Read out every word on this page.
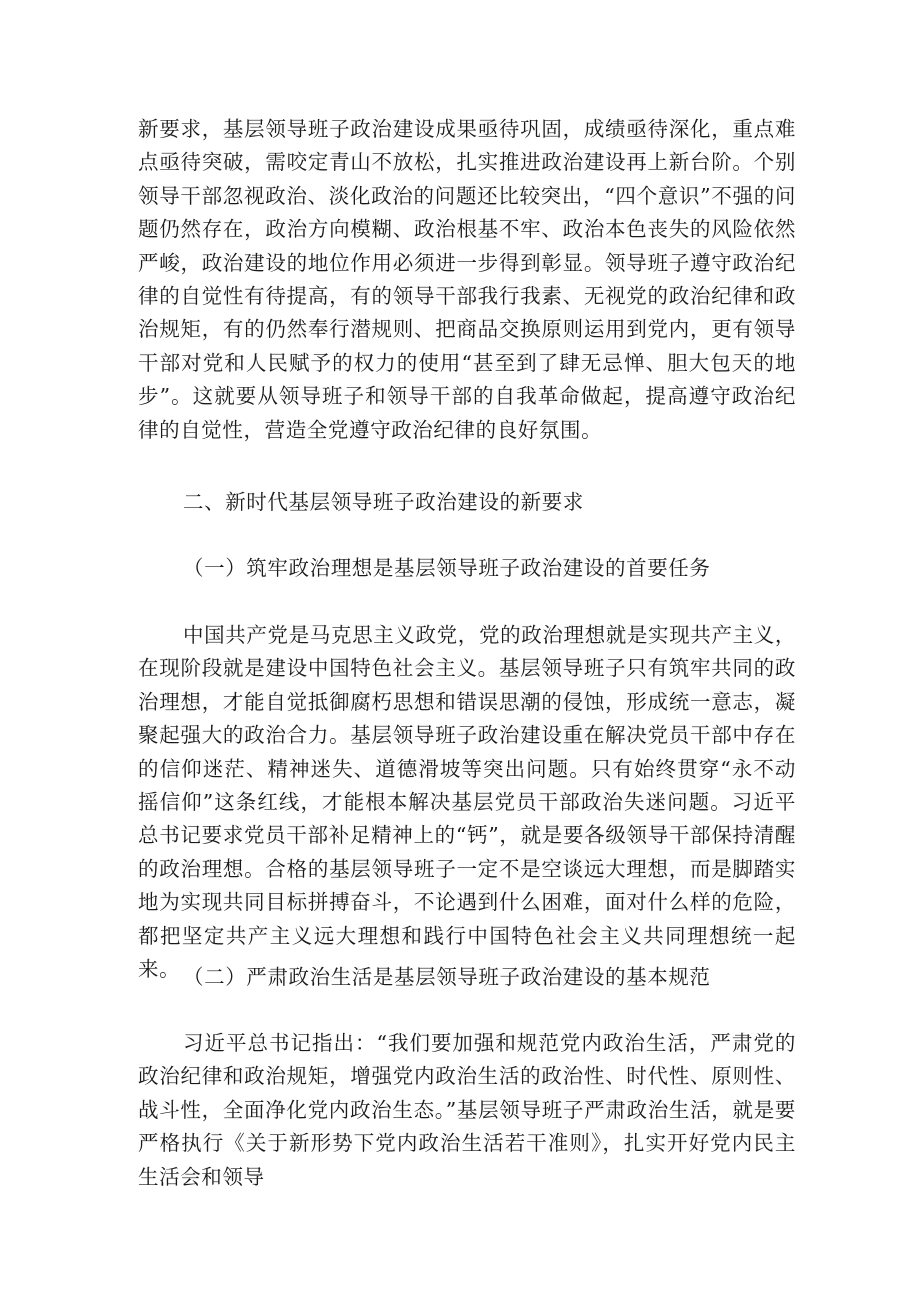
新要求，基层领导班子政治建设成果亟待巩固，成绩亟待深化，重点难点亟待突破，需咬定青山不放松，扎实推进政治建设再上新台阶。个别领导干部忽视政治、淡化政治的问题还比较突出，“四个意识”不强的问题仍然存在，政治方向模糊、政治根基不牢、政治本色丧失的风险依然严峻，政治建设的地位作用必须进一步得到彰显。领导班子遵守政治纪律的自觉性有待提高，有的领导干部我行我素、无视党的政治纪律和政治规矩，有的仍然奉行潜规则、把商品交换原则运用到党内，更有领导干部对党和人民赋予的权力的使用“甚至到了肆无忌惮、胆大包天的地步”。这就要从领导班子和领导干部的自我革命做起，提高遵守政治纪律的自觉性，营造全党遵守政治纪律的良好氛围。

二、新时代基层领导班子政治建设的新要求

（一）筑牢政治理想是基层领导班子政治建设的首要任务

中国共产党是马克思主义政党，党的政治理想就是实现共产主义，在现阶段就是建设中国特色社会主义。基层领导班子只有筑牢共同的政治理想，才能自觉抵御腐朽思想和错误思潮的侵蚀，形成统一意志，凝聚起强大的政治合力。基层领导班子政治建设重在解决党员干部中存在的信仰迷茫、精神迷失、道德滑坡等突出问题。只有始终贯穿“永不动摇信仰”这条红线，才能根本解决基层党员干部政治失迷问题。习近平总书记要求党员干部补足精神上的“钙”，就是要各级领导干部保持清醒的政治理想。合格的基层领导班子一定不是空谈远大理想，而是脚踏实地为实现共同目标拼搏奋斗，不论遇到什么困难，面对什么样的危险，都把坚定共产主义远大理想和践行中国特色社会主义共同理想统一起来。 （二）严肃政治生活是基层领导班子政治建设的基本规范

习近平总书记指出：“我们要加强和规范党内政治生活，严肃党的政治纪律和政治规矩，增强党内政治生活的政治性、时代性、原则性、战斗性，全面净化党内政治生态。”基层领导班子严肃政治生活，就是要严格执行《关于新形势下党内政治生活若干准则》，扎实开好党内民主生活会和领导
